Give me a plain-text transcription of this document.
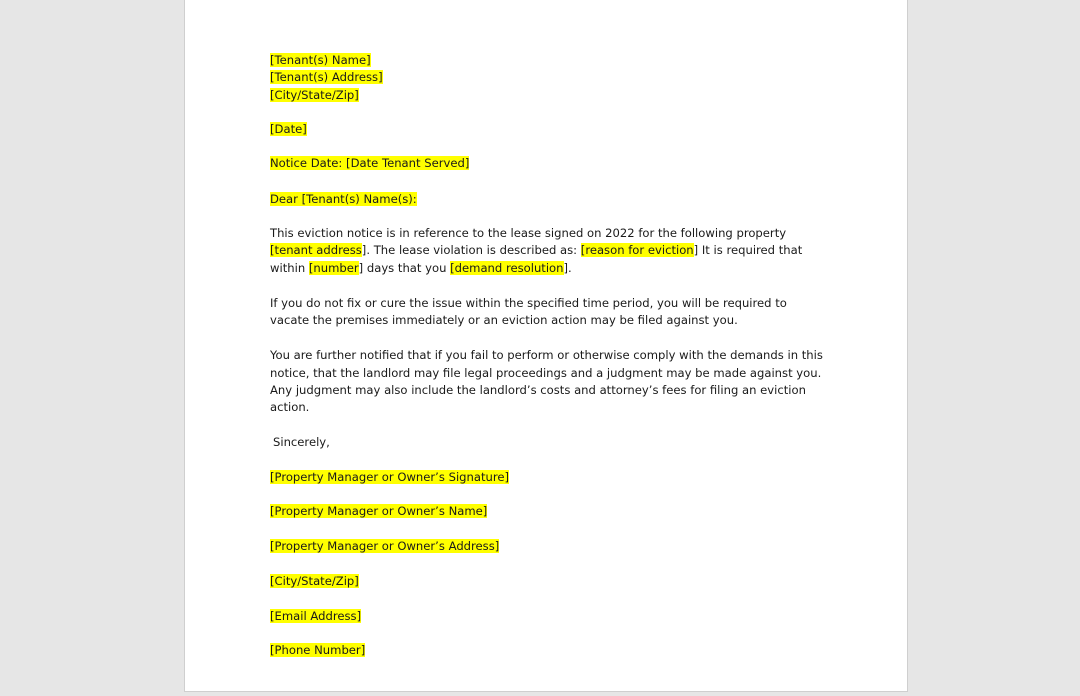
[Tenant(s) Name]

[Tenant(s) Address]

[City/State/Zip]

[Date]

Notice Date: [Date Tenant Served]

Dear [Tenant(s) Name(s):

This eviction notice is in reference to the lease signed on 2022 for the following property

[tenant address]. The lease violation is described as: [reason for eviction] It is required that

within [number] days that you [demand resolution].

If you do not fix or cure the issue within the specified time period, you will be required to

vacate the premises immediately or an eviction action may be filed against you.

You are further notified that if you fail to perform or otherwise comply with the demands in this

notice, that the landlord may file legal proceedings and a judgment may be made against you.

Any judgment may also include the landlord’s costs and attorney’s fees for filing an eviction

action.

Sincerely,

[Property Manager or Owner’s Signature]

[Property Manager or Owner’s Name]

[Property Manager or Owner’s Address]

[City/State/Zip]

[Email Address]

[Phone Number]
